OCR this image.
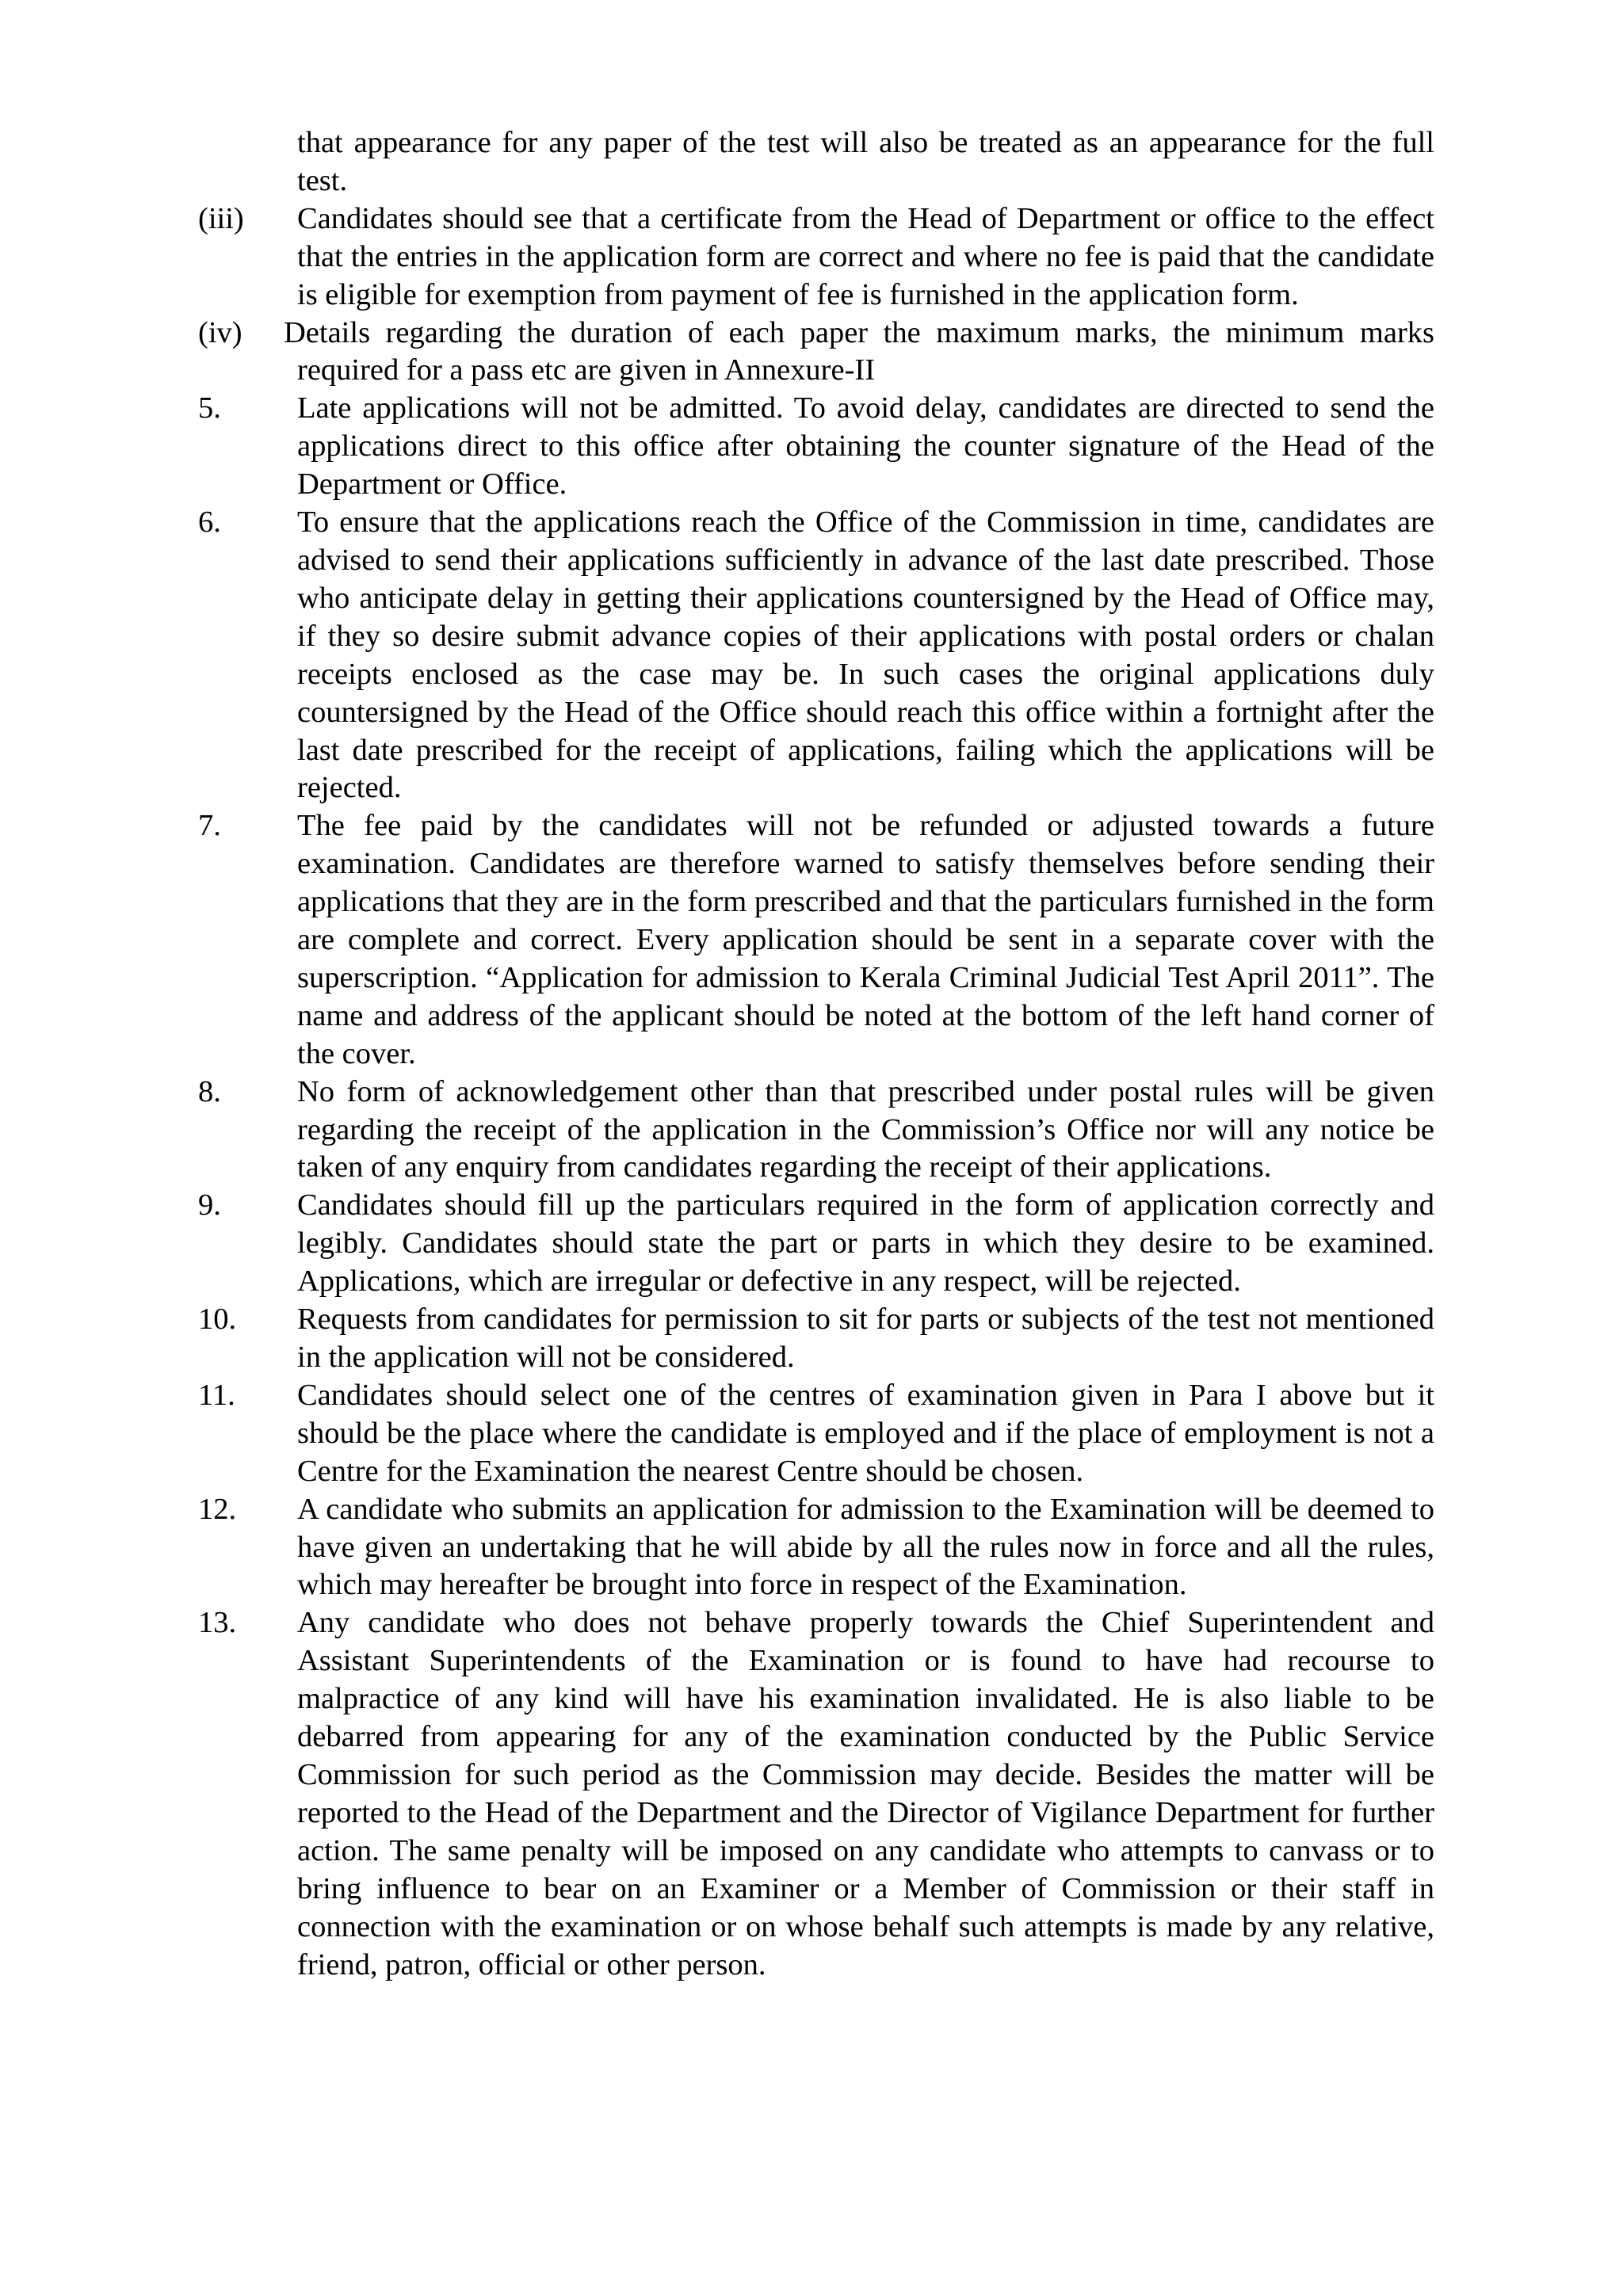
that appearance for any paper of the test will also be treated as an appearance for the full test.

(iii) Candidates should see that a certificate from the Head of Department or office to the effect that the entries in the application form are correct and where no fee is paid that the candidate is eligible for exemption from payment of fee is furnished in the application form.

(iv) Details regarding the duration of each paper the maximum marks, the minimum marks required for a pass etc are given in Annexure-II

5.	Late applications will not be admitted. To avoid delay, candidates are directed to send the applications direct to this office after obtaining the counter signature of the Head of the Department or Office.

6.	To ensure that the applications reach the Office of the Commission in time, candidates are advised to send their applications sufficiently in advance of the last date prescribed. Those who anticipate delay in getting their applications countersigned by the Head of Office may, if they so desire submit advance copies of their applications with postal orders or chalan receipts enclosed as the case may be. In such cases the original applications duly countersigned by the Head of the Office should reach this office within a fortnight after the last date prescribed for the receipt of applications, failing which the applications will be rejected.

7.	The fee paid by the candidates will not be refunded or adjusted towards a future examination. Candidates are therefore warned to satisfy themselves before sending their applications that they are in the form prescribed and that the particulars furnished in the form are complete and correct. Every application should be sent in a separate cover with the superscription. “Application for admission to Kerala Criminal Judicial Test April 2011”. The name and address of the applicant should be noted at the bottom of the left hand corner of the cover.

8.	No form of acknowledgement other than that prescribed under postal rules will be given regarding the receipt of the application in the Commission’s Office nor will any notice be taken of any enquiry from candidates regarding the receipt of their applications.

9.	Candidates should fill up the particulars required in the form of application correctly and legibly. Candidates should state the part or parts in which they desire to be examined. Applications, which are irregular or defective in any respect, will be rejected.

10.	Requests from candidates for permission to sit for parts or subjects of the test not mentioned in the application will not be considered.

11.	Candidates should select one of the centres of examination given in Para I above but it should be the place where the candidate is employed and if the place of employment is not a Centre for the Examination the nearest Centre should be chosen.

12.	A candidate who submits an application for admission to the Examination will be deemed to have given an undertaking that he will abide by all the rules now in force and all the rules, which may hereafter be brought into force in respect of the Examination.

13.	Any candidate who does not behave properly towards the Chief Superintendent and Assistant Superintendents of the Examination or is found to have had recourse to malpractice of any kind will have his examination invalidated. He is also liable to be debarred from appearing for any of the examination conducted by the Public Service Commission for such period as the Commission may decide. Besides the matter will be reported to the Head of the Department and the Director of Vigilance Department for further action. The same penalty will be imposed on any candidate who attempts to canvass or to bring influence to bear on an Examiner or a Member of Commission or their staff in connection with the examination or on whose behalf such attempts is made by any relative, friend, patron, official or other person.
